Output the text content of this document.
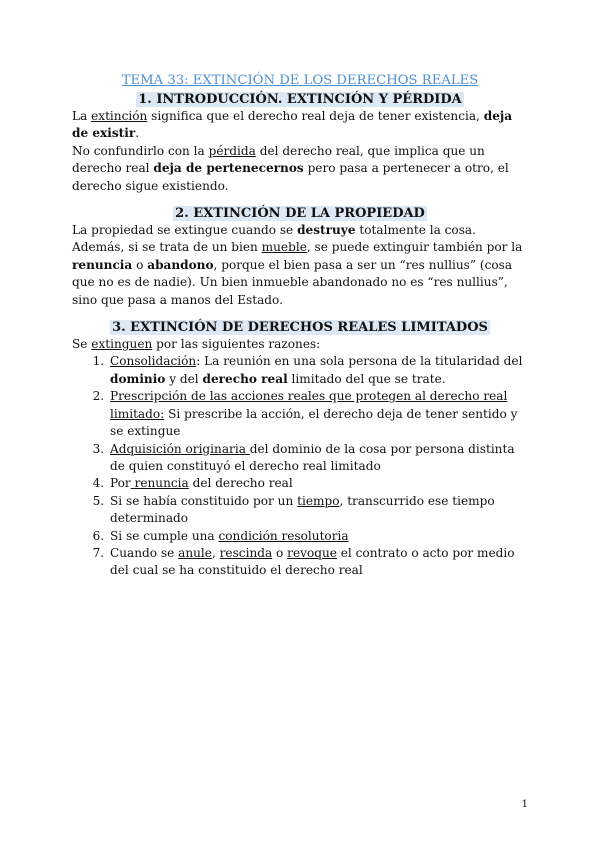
TEMA 33: EXTINCIÓN DE LOS DERECHOS REALES
1. INTRODUCCIÓN. EXTINCIÓN Y PÉRDIDA

La extinción significa que el derecho real deja de tener existencia, deja de existir.

No confundirlo con la pérdida del derecho real, que implica que un derecho real deja de pertenecernos pero pasa a pertenecer a otro, el derecho sigue existiendo.

2. EXTINCIÓN DE LA PROPIEDAD

La propiedad se extingue cuando se destruye totalmente la cosa.

Además, si se trata de un bien mueble, se puede extinguir también por la renuncia o abandono, porque el bien pasa a ser un “res nullius” (cosa que no es de nadie). Un bien inmueble abandonado no es “res nullius”, sino que pasa a manos del Estado.

3. EXTINCIÓN DE DERECHOS REALES LIMITADOS

Se extinguen por las siguientes razones:

1. Consolidación: La reunión en una sola persona de la titularidad del dominio y del derecho real limitado del que se trate.
2. Prescripción de las acciones reales que protegen al derecho real limitado: Si prescribe la acción, el derecho deja de tener sentido y se extingue
3. Adquisición originaria del dominio de la cosa por persona distinta de quien constituyó el derecho real limitado
4. Por renuncia del derecho real
5. Si se había constituido por un tiempo, transcurrido ese tiempo determinado
6. Si se cumple una condición resolutoria
7. Cuando se anule, rescinda o revoque el contrato o acto por medio del cual se ha constituido el derecho real
1
